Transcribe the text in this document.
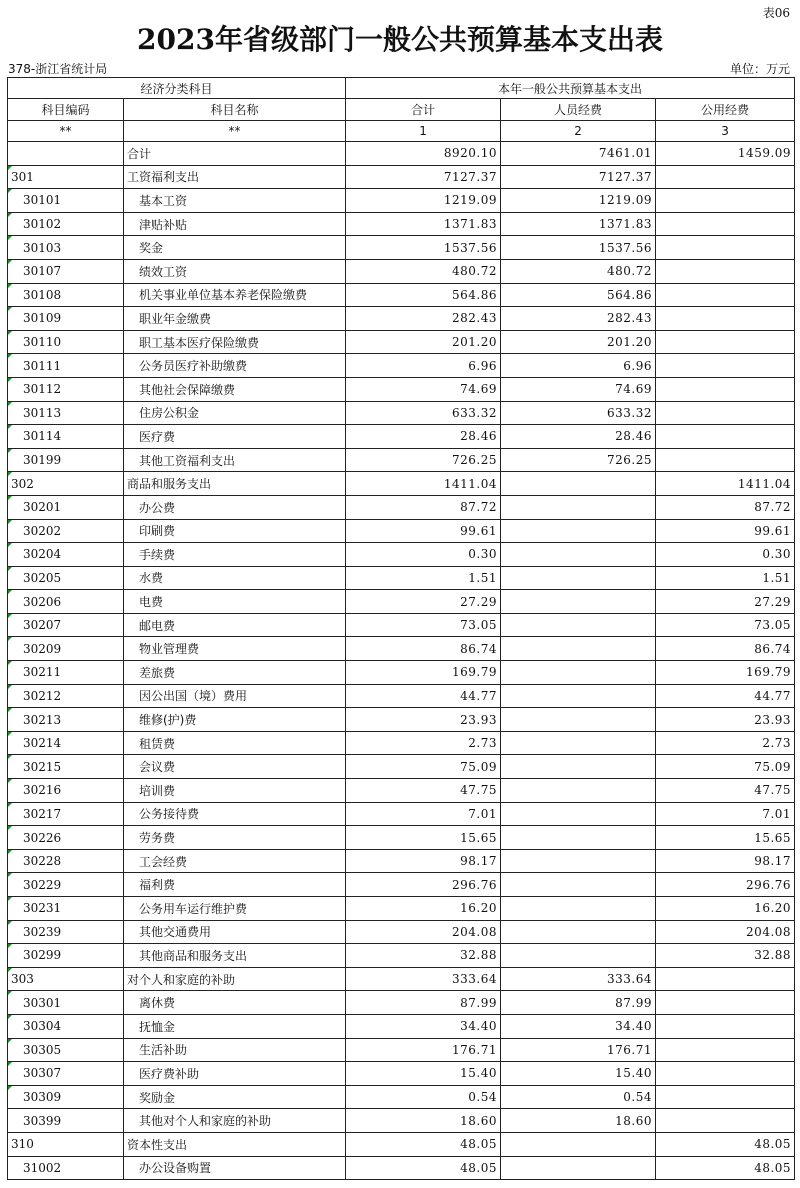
表06
2023年省级部门一般公共预算基本支出表
378-浙江省统计局	单位：万元
经济分类科目		本年一般公共预算基本支出		
科目编码	科目名称	合计	人员经费	公用经费
**	**	1	2	3
	合计	8920.10	7461.01	1459.09

301	工资福利支出	7127.37	7127.37	

30101	基本工资	1219.09	1219.09	

30102	津贴补贴	1371.83	1371.83	

30103	奖金	1537.56	1537.56	

30107	绩效工资	480.72	480.72	

30108	机关事业单位基本养老保险缴费	564.86	564.86	

30109	职业年金缴费	282.43	282.43	

30110	职工基本医疗保险缴费	201.20	201.20	

30111	公务员医疗补助缴费	6.96	6.96	

30112	其他社会保障缴费	74.69	74.69	

30113	住房公积金	633.32	633.32	

30114	医疗费	28.46	28.46	

30199	其他工资福利支出	726.25	726.25	

302	商品和服务支出	1411.04		1411.04

30201	办公费	87.72		87.72

30202	印刷费	99.61		99.61

30204	手续费	0.30		0.30

30205	水费	1.51		1.51

30206	电费	27.29		27.29

30207	邮电费	73.05		73.05

30209	物业管理费	86.74		86.74

30211	差旅费	169.79		169.79

30212	因公出国（境）费用	44.77		44.77

30213	维修(护)费	23.93		23.93

30214	租赁费	2.73		2.73

30215	会议费	75.09		75.09

30216	培训费	47.75		47.75

30217	公务接待费	7.01		7.01

30226	劳务费	15.65		15.65

30228	工会经费	98.17		98.17

30229	福利费	296.76		296.76

30231	公务用车运行维护费	16.20		16.20

30239	其他交通费用	204.08		204.08

30299	其他商品和服务支出	32.88		32.88

303	对个人和家庭的补助	333.64	333.64	

30301	离休费	87.99	87.99	

30304	抚恤金	34.40	34.40	

30305	生活补助	176.71	176.71	

30307	医疗费补助	15.40	15.40	

30309	奖励金	0.54	0.54	
30399	其他对个人和家庭的补助	18.60	18.60	
310	资本性支出	48.05		48.05
31002	办公设备购置	48.05		48.05
